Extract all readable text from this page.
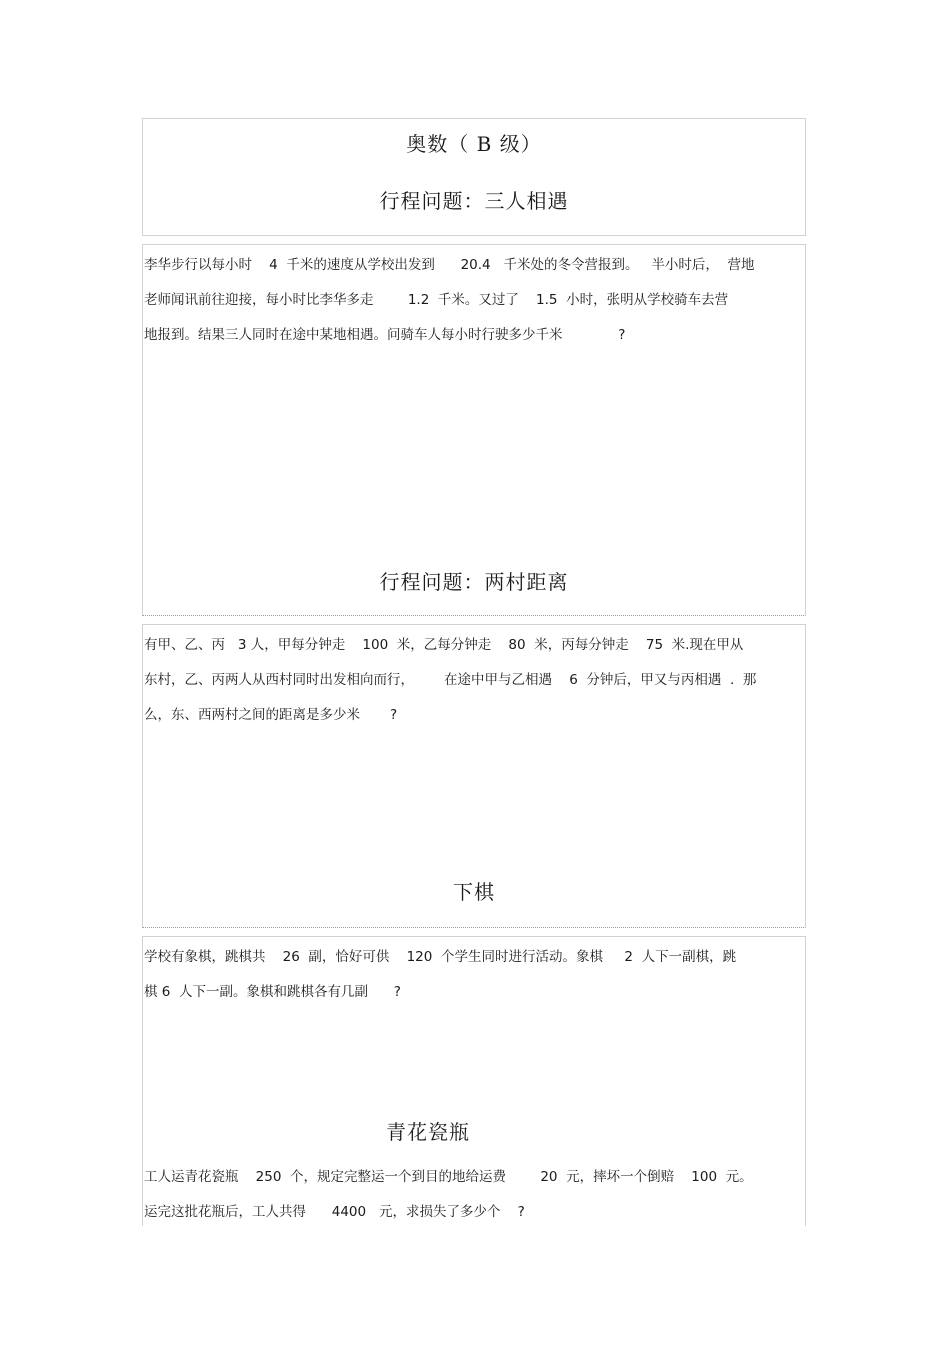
奥数（ B 级）
行程问题：三人相遇
李华步行以每小时    4  千米的速度从学校出发到      20.4   千米处的冬令营报到。   半小时后，  营地
老师闻讯前往迎接，每小时比李华多走        1.2  千米。又过了    1.5  小时，张明从学校骑车去营
地报到。结果三人同时在途中某地相遇。问骑车人每小时行驶多少千米             ?
行程问题：两村距离
有甲、乙、丙   3 人，甲每分钟走    100  米，乙每分钟走    80  米，丙每分钟走    75  米.现在甲从
东村，乙、丙两人从西村同时出发相向而行，       在途中甲与乙相遇    6  分钟后，甲又与丙相遇  .  那
么，东、西两村之间的距离是多少米       ?
下棋
学校有象棋，跳棋共    26  副，恰好可供    120  个学生同时进行活动。象棋     2  人下一副棋，跳
棋 6  人下一副。象棋和跳棋各有几副      ?
青花瓷瓶
工人运青花瓷瓶    250  个，规定完整运一个到目的地给运费        20  元，摔坏一个倒赔    100  元。
运完这批花瓶后，工人共得      4400   元，求损失了多少个    ?
